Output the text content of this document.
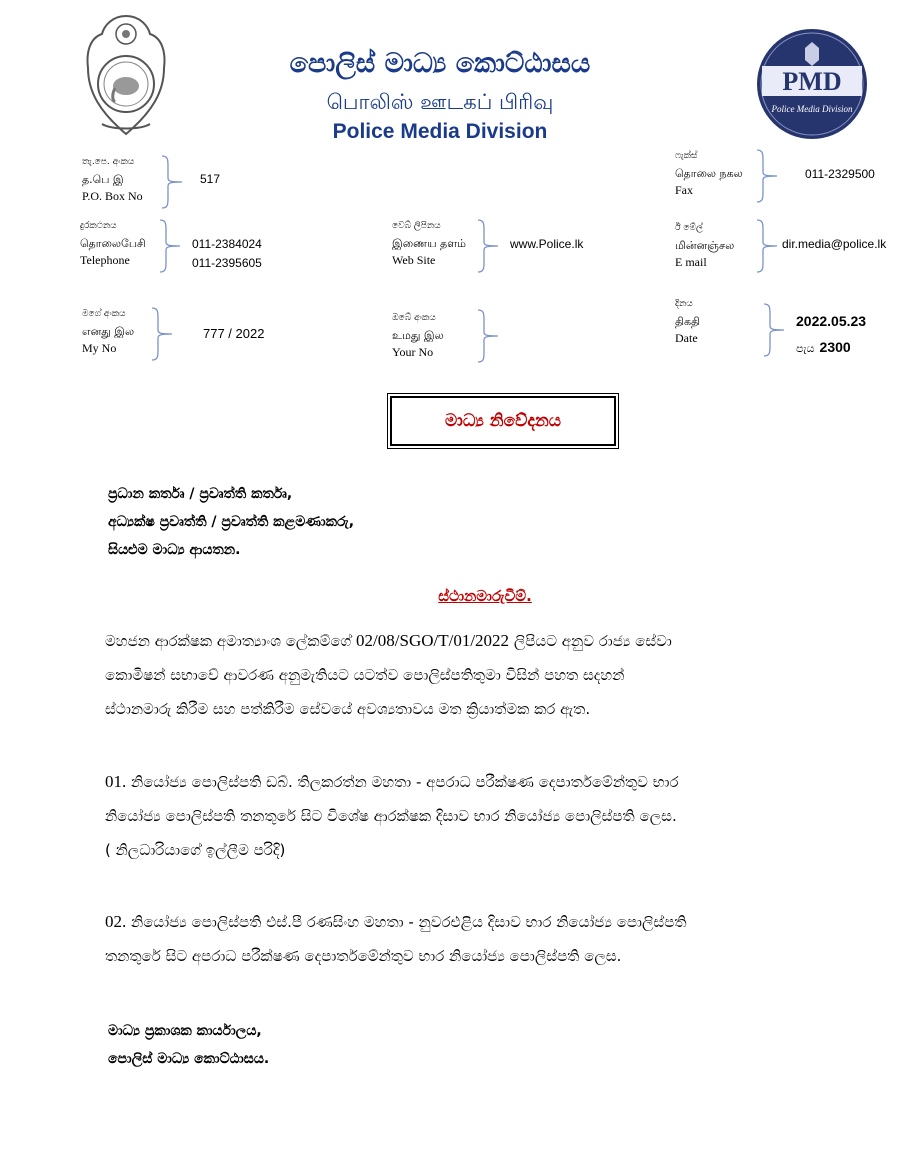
PMD
Police Media Division
පොලිස් මාධ්‍ය කොට්ඨාසය
பொலிஸ் ஊடகப் பிரிவு
Police Media Division
තැ.පෙ. අංකය
த.பெ இ
P.O. Box No
517
ෆැක්ස්
தொலை நகல
Fax
011-2329500
දුරකථනය
தொலைபேசி
Telephone
011-2384024
011-2395605
වෙබ් ලිපිනය
இணைய தளம்
Web Site
www.Police.lk
ඊ මේල්
மின்னஞ்சல
E mail
dir.media@police.lk
මගේ අංකය
எனது இல
My No
777 / 2022
ඔබේ අංකය
உமது இல
Your No
දිනය
திகதி
Date
2022.05.23
පැය 2300
මාධ්‍ය නිවේදනය
ප්‍රධාන කර්තෘ / ප්‍රවෘත්ති කර්තෘ,
අධ්‍යක්ෂ ප්‍රවෘත්ති / ප්‍රවෘත්ති කළමණාකරු,
සියළුම මාධ්‍ය ආයතන.
ස්ථානමාරුවීම්.
මහජන ආරක්ෂක අමාත්‍යාංශ ලේකම්ගේ 02/08/SGO/T/01/2022 ලිපියට අනුව රාජ්‍ය සේවා
කොමිෂන් සභාවේ ආවරණ අනුමැතියට යටත්ව පොලිස්පතිතුමා විසින් පහත සදහන්
ස්ථානමාරු කිරීම සහ පත්කිරීම සේවයේ අවශ්‍යතාවය මත ක්‍රියාත්මක කර ඇත.
01. නියෝජ්‍ය පොලිස්පති ඩබ්. තිලකරත්න මහතා - අපරාධ පරීක්ෂණ දෙපාර්තමේන්තුව භාර
නියෝජ්‍ය පොලිස්පති තනතුරේ සිට විශේෂ ආරක්ෂක දිසාව භාර නියෝජ්‍ය පොලිස්පති ලෙස.
( නිලධාරියාගේ ඉල්ලීම පරිදි)
02. නියෝජ්‍ය පොලිස්පති එස්.පී රණසිංහ මහතා - නුවරඑළිය දිසාව භාර නියෝජ්‍ය පොලිස්පති
තනතුරේ සිට අපරාධ පරීක්ෂණ දෙපාර්තමේන්තුව භාර නියෝජ්‍ය පොලිස්පති ලෙස.
මාධ්‍ය ප්‍රකාශක කාර්යාලය,
පොලිස් මාධ්‍ය කොට්ඨාසය.
